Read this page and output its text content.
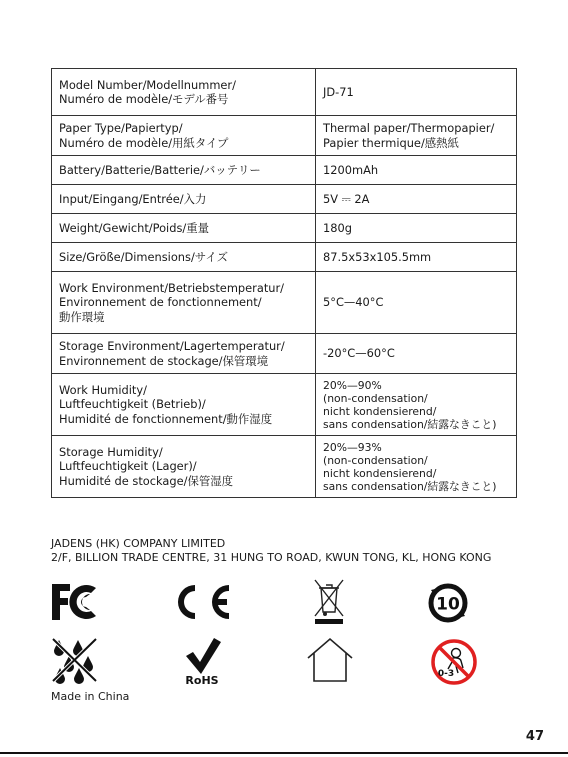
Model Number/Modellnummer/
Numéro de modèle/モデル番号	JD-71

Paper Type/Papiertyp/
Numéro de modèle/用紙タイプ	Thermal paper/Thermopapier/
Papier thermique/感熱紙

Battery/Batterie/Batterie/バッテリー	1200mAh

Input/Eingang/Entrée/入力	5V ⎓ 2A

Weight/Gewicht/Poids/重量	180g

Size/Größe/Dimensions/サイズ	87.5x53x105.5mm

Work Environment/Betriebstemperatur/
Environnement de fonctionnement/
動作環境	5°C—40°C

Storage Environment/Lagertemperatur/
Environnement de stockage/保管環境	-20°C—60°C

Work Humidity/
Luftfeuchtigkeit (Betrieb)/
Humidité de fonctionnement/動作湿度	20%—90%
(non-condensation/
nicht kondensierend/
sans condensation/結露なきこと)

Storage Humidity/
Luftfeuchtigkeit (Lager)/
Humidité de stockage/保管湿度	20%—93%
(non-condensation/
nicht kondensierend/
sans condensation/結露なきこと)
JADENS (HK) COMPANY LIMITED
2/F, BILLION TRADE CENTRE, 31 HUNG TO ROAD, KWUN TONG, KL, HONG KONG
10
RoHS	0-3
Made in China
47
